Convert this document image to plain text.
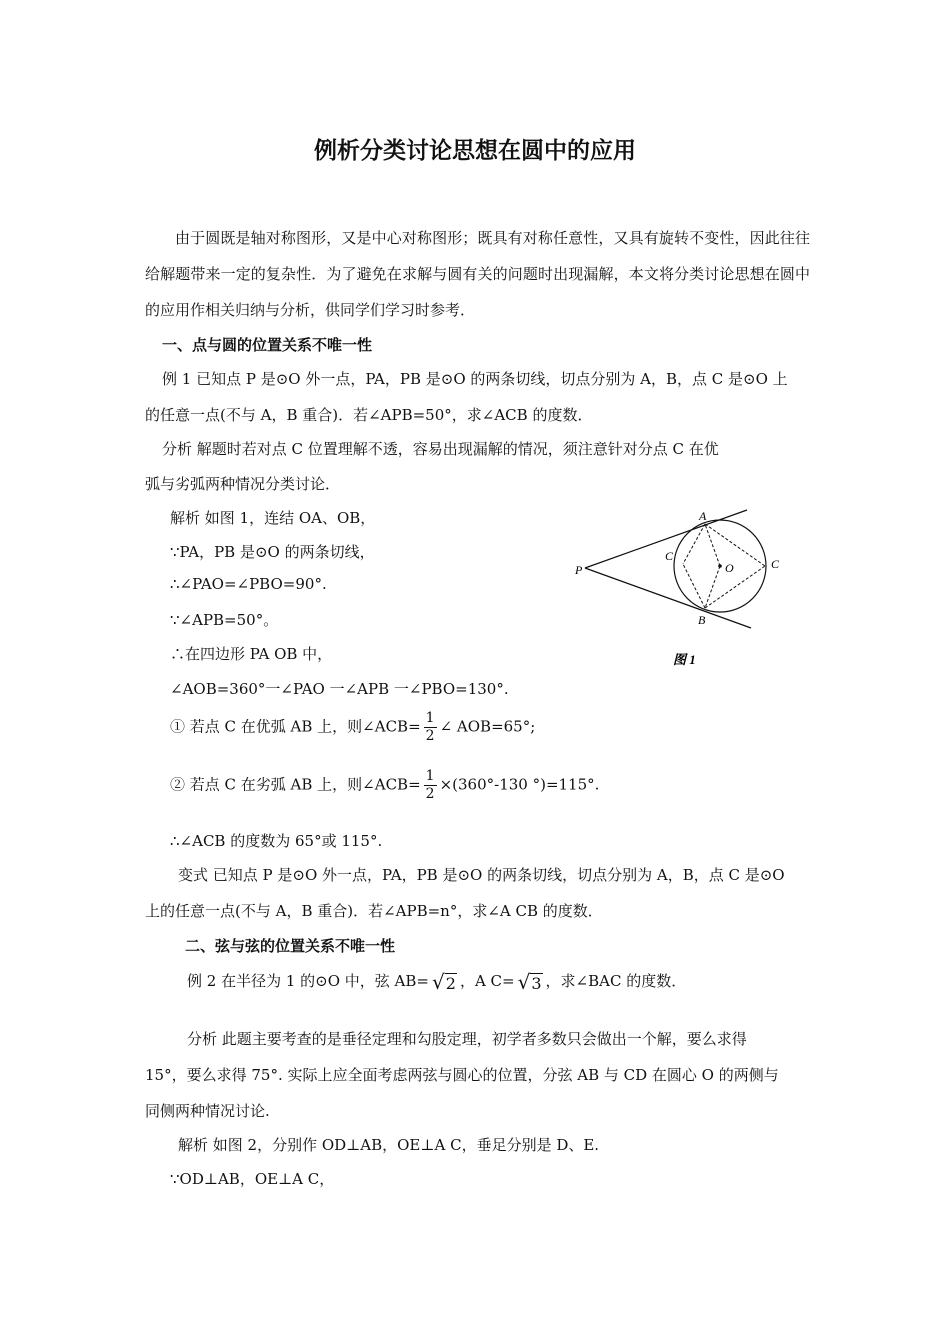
例析分类讨论思想在圆中的应用
由于圆既是轴对称图形，又是中心对称图形；既具有对称任意性，又具有旋转不变性，因此往往给解题带来一定的复杂性．为了避免在求解与圆有关的问题时出现漏解，本文将分类讨论思想在圆中的应用作相关归纳与分析，供同学们学习时参考．
一、点与圆的位置关系不唯一性
例 1 已知点 P 是⊙O 外一点，PA，PB 是⊙O 的两条切线，切点分别为 A，B，点 C 是⊙O 上
的任意一点(不与 A，B 重合)．若∠APB=50°，求∠ACB 的度数．
分析 解题时若对点 C 位置理解不透，容易出现漏解的情况，须注意针对分点 C 在优
弧与劣弧两种情况分类讨论．
解析 如图 1，连结 OA、OB，
∵PA，PB 是⊙O 的两条切线，
∴∠PAO=∠PBO=90°.
∵∠APB=50°。
∴在四边形 PA OB 中，
∠AOB=360°一∠PAO 一∠APB 一∠PBO=130°.
① 若点 C 在优弧 AB 上，则∠ACB= $\frac{1}{2}$ ∠ AOB=65°;
② 若点 C 在劣弧 AB 上，则∠ACB= $\frac{1}{2} \times(360^\circ-130$ °)=115°.
∴∠ACB 的度数为 65°或 115°.
A
B
C
C
O
P
图 1
变式 已知点 P 是⊙O 外一点，PA，PB 是⊙O 的两条切线，切点分别为 A，B，点 C 是⊙O
上的任意一点(不与 A，B 重合)．若∠APB=n°，求∠A CB 的度数．
二、弦与弦的位置关系不唯一性
例 2 在半径为 1 的⊙O 中，弦 AB= √2 ，A C= √3 ，求∠BAC 的度数．
分析 此题主要考查的是垂径定理和勾股定理，初学者多数只会做出一个解，要么求得
15°，要么求得 75°. 实际上应全面考虑两弦与圆心的位置，分弦 AB 与 CD 在圆心 O 的两侧与
同侧两种情况讨论.
解析 如图 2，分别作 OD⊥AB，OE⊥A C，垂足分别是 D、E.
∵OD⊥AB，OE⊥A C，
